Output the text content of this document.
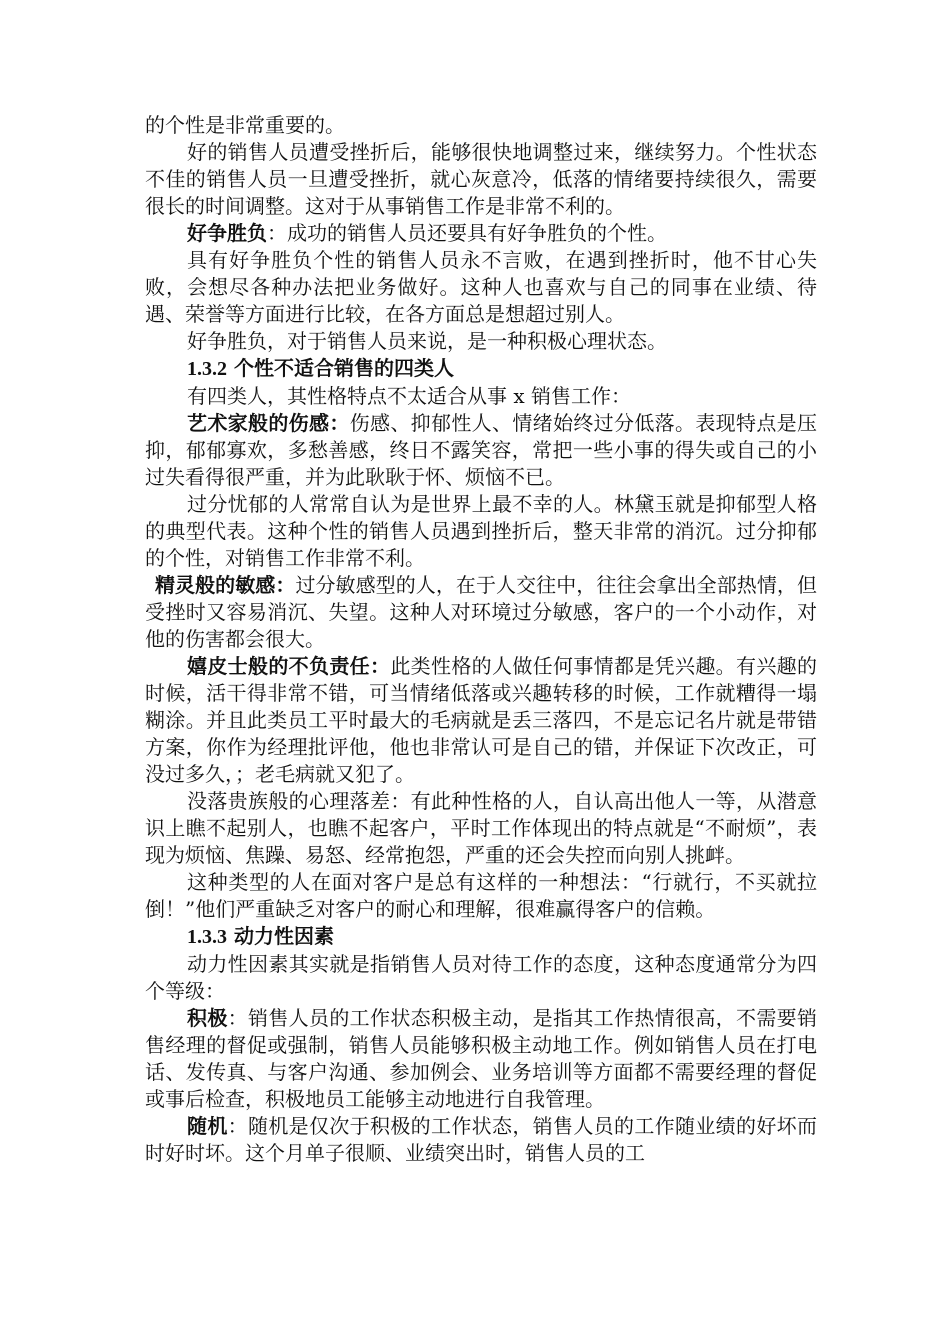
的个性是非常重要的。

好的销售人员遭受挫折后，能够很快地调整过来，继续努力。个性状态不佳的销售人员一旦遭受挫折，就心灰意冷，低落的情绪要持续很久，需要很长的时间调整。这对于从事销售工作是非常不利的。

好争胜负：成功的销售人员还要具有好争胜负的个性。

具有好争胜负个性的销售人员永不言败，在遇到挫折时，他不甘心失败，会想尽各种办法把业务做好。这种人也喜欢与自己的同事在业绩、待遇、荣誉等方面进行比较，在各方面总是想超过别人。

好争胜负，对于销售人员来说，是一种积极心理状态。

1.3.2 个性不适合销售的四类人

有四类人，其性格特点不太适合从事 x 销售工作：

艺术家般的伤感：伤感、抑郁性人、情绪始终过分低落。表现特点是压抑，郁郁寡欢，多愁善感，终日不露笑容，常把一些小事的得失或自己的小过失看得很严重，并为此耿耿于怀、烦恼不已。

过分忧郁的人常常自认为是世界上最不幸的人。林黛玉就是抑郁型人格的典型代表。这种个性的销售人员遇到挫折后，整天非常的消沉。过分抑郁的个性，对销售工作非常不利。

精灵般的敏感：过分敏感型的人，在于人交往中，往往会拿出全部热情，但受挫时又容易消沉、失望。这种人对环境过分敏感，客户的一个小动作，对他的伤害都会很大。

嬉皮士般的不负责任：此类性格的人做任何事情都是凭兴趣。有兴趣的时候，活干得非常不错，可当情绪低落或兴趣转移的时候，工作就糟得一塌糊涂。并且此类员工平时最大的毛病就是丢三落四，不是忘记名片就是带错方案，你作为经理批评他，他也非常认可是自己的错，并保证下次改正，可没过多久，；老毛病就又犯了。

没落贵族般的心理落差：有此种性格的人，自认高出他人一等，从潜意识上瞧不起别人，也瞧不起客户，平时工作体现出的特点就是“不耐烦”，表现为烦恼、焦躁、易怒、经常抱怨，严重的还会失控而向别人挑衅。

这种类型的人在面对客户是总有这样的一种想法：“行就行，不买就拉倒！”他们严重缺乏对客户的耐心和理解，很难赢得客户的信赖。

1.3.3 动力性因素

动力性因素其实就是指销售人员对待工作的态度，这种态度通常分为四个等级：

积极：销售人员的工作状态积极主动，是指其工作热情很高，不需要销售经理的督促或强制，销售人员能够积极主动地工作。例如销售人员在打电话、发传真、与客户沟通、参加例会、业务培训等方面都不需要经理的督促或事后检查，积极地员工能够主动地进行自我管理。

随机：随机是仅次于积极的工作状态，销售人员的工作随业绩的好坏而时好时坏。这个月单子很顺、业绩突出时，销售人员的工
